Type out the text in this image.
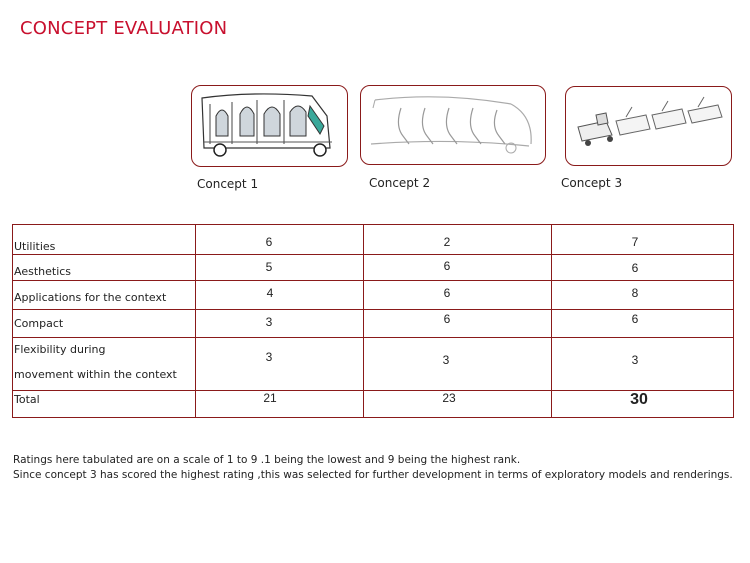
CONCEPT EVALUATION
Concept 1	Concept 2	Concept 3
Utilities
Aesthetics
Applications for the context
Compact
Flexibility during
movement within the context
Total
6
5
4
3
3
21
2
6
6
6
3
23
7
6
8
6
3
30
Ratings here tabulated are on a scale of 1 to 9 .1 being the lowest and 9 being the highest rank.
Since concept 3 has scored the highest rating ,this was selected for further development in terms of exploratory models and renderings.
